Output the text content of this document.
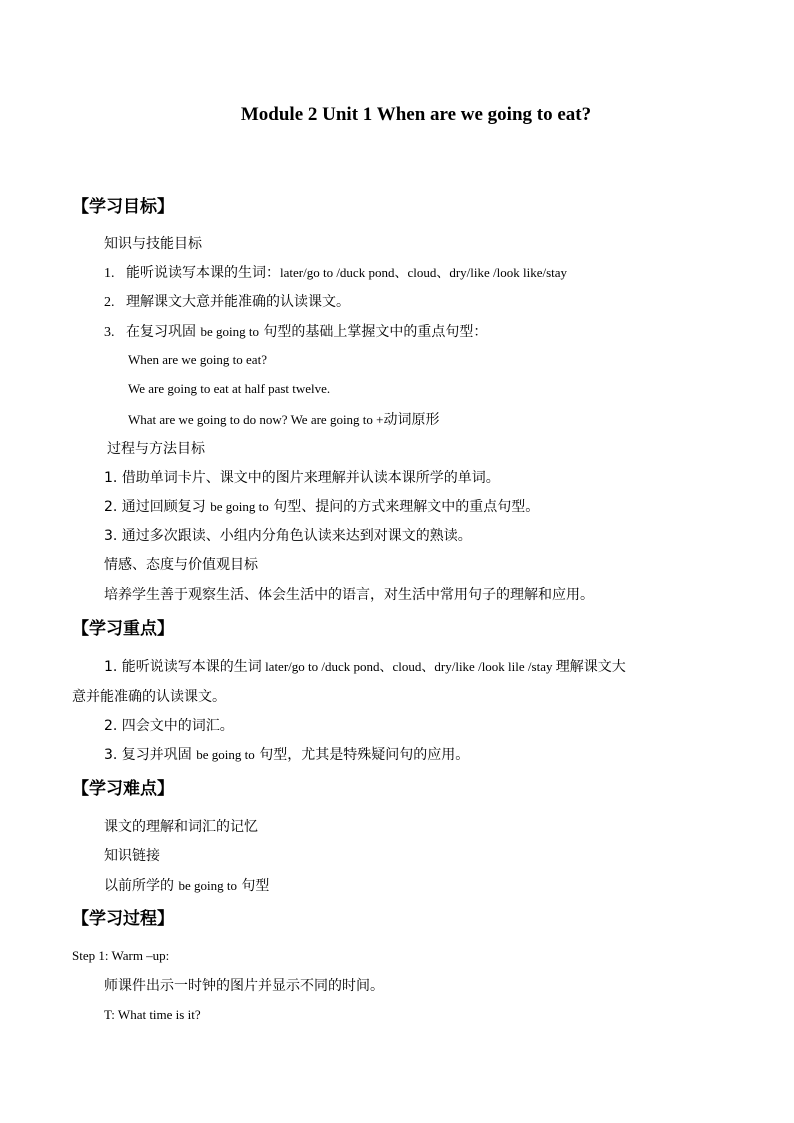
Module 2 Unit 1 When are we going to eat?
【学习目标】
知识与技能目标
1. 能听说读写本课的生词：later/go to /duck pond、cloud、dry/like /look like/stay
2. 理解课文大意并能准确的认读课文。
3. 在复习巩固 be going to 句型的基础上掌握文中的重点句型：
When are we going to eat?
We are going to eat at half past twelve.
What are we going to do now? We are going to +动词原形
过程与方法目标
1. 借助单词卡片、课文中的图片来理解并认读本课所学的单词。
2. 通过回顾复习 be going to 句型、提问的方式来理解文中的重点句型。
3. 通过多次跟读、小组内分角色认读来达到对课文的熟读。
情感、态度与价值观目标
培养学生善于观察生活、体会生活中的语言，对生活中常用句子的理解和应用。
【学习重点】
1. 能听说读写本课的生词 later/go to /duck pond、cloud、dry/like /look lile /stay 理解课文大
意并能准确的认读课文。
2. 四会文中的词汇。
3. 复习并巩固 be going to 句型，尤其是特殊疑问句的应用。
【学习难点】
课文的理解和词汇的记忆
知识链接
以前所学的 be going to 句型
【学习过程】
Step 1: Warm –up:
师课件出示一时钟的图片并显示不同的时间。
T: What time is it?
